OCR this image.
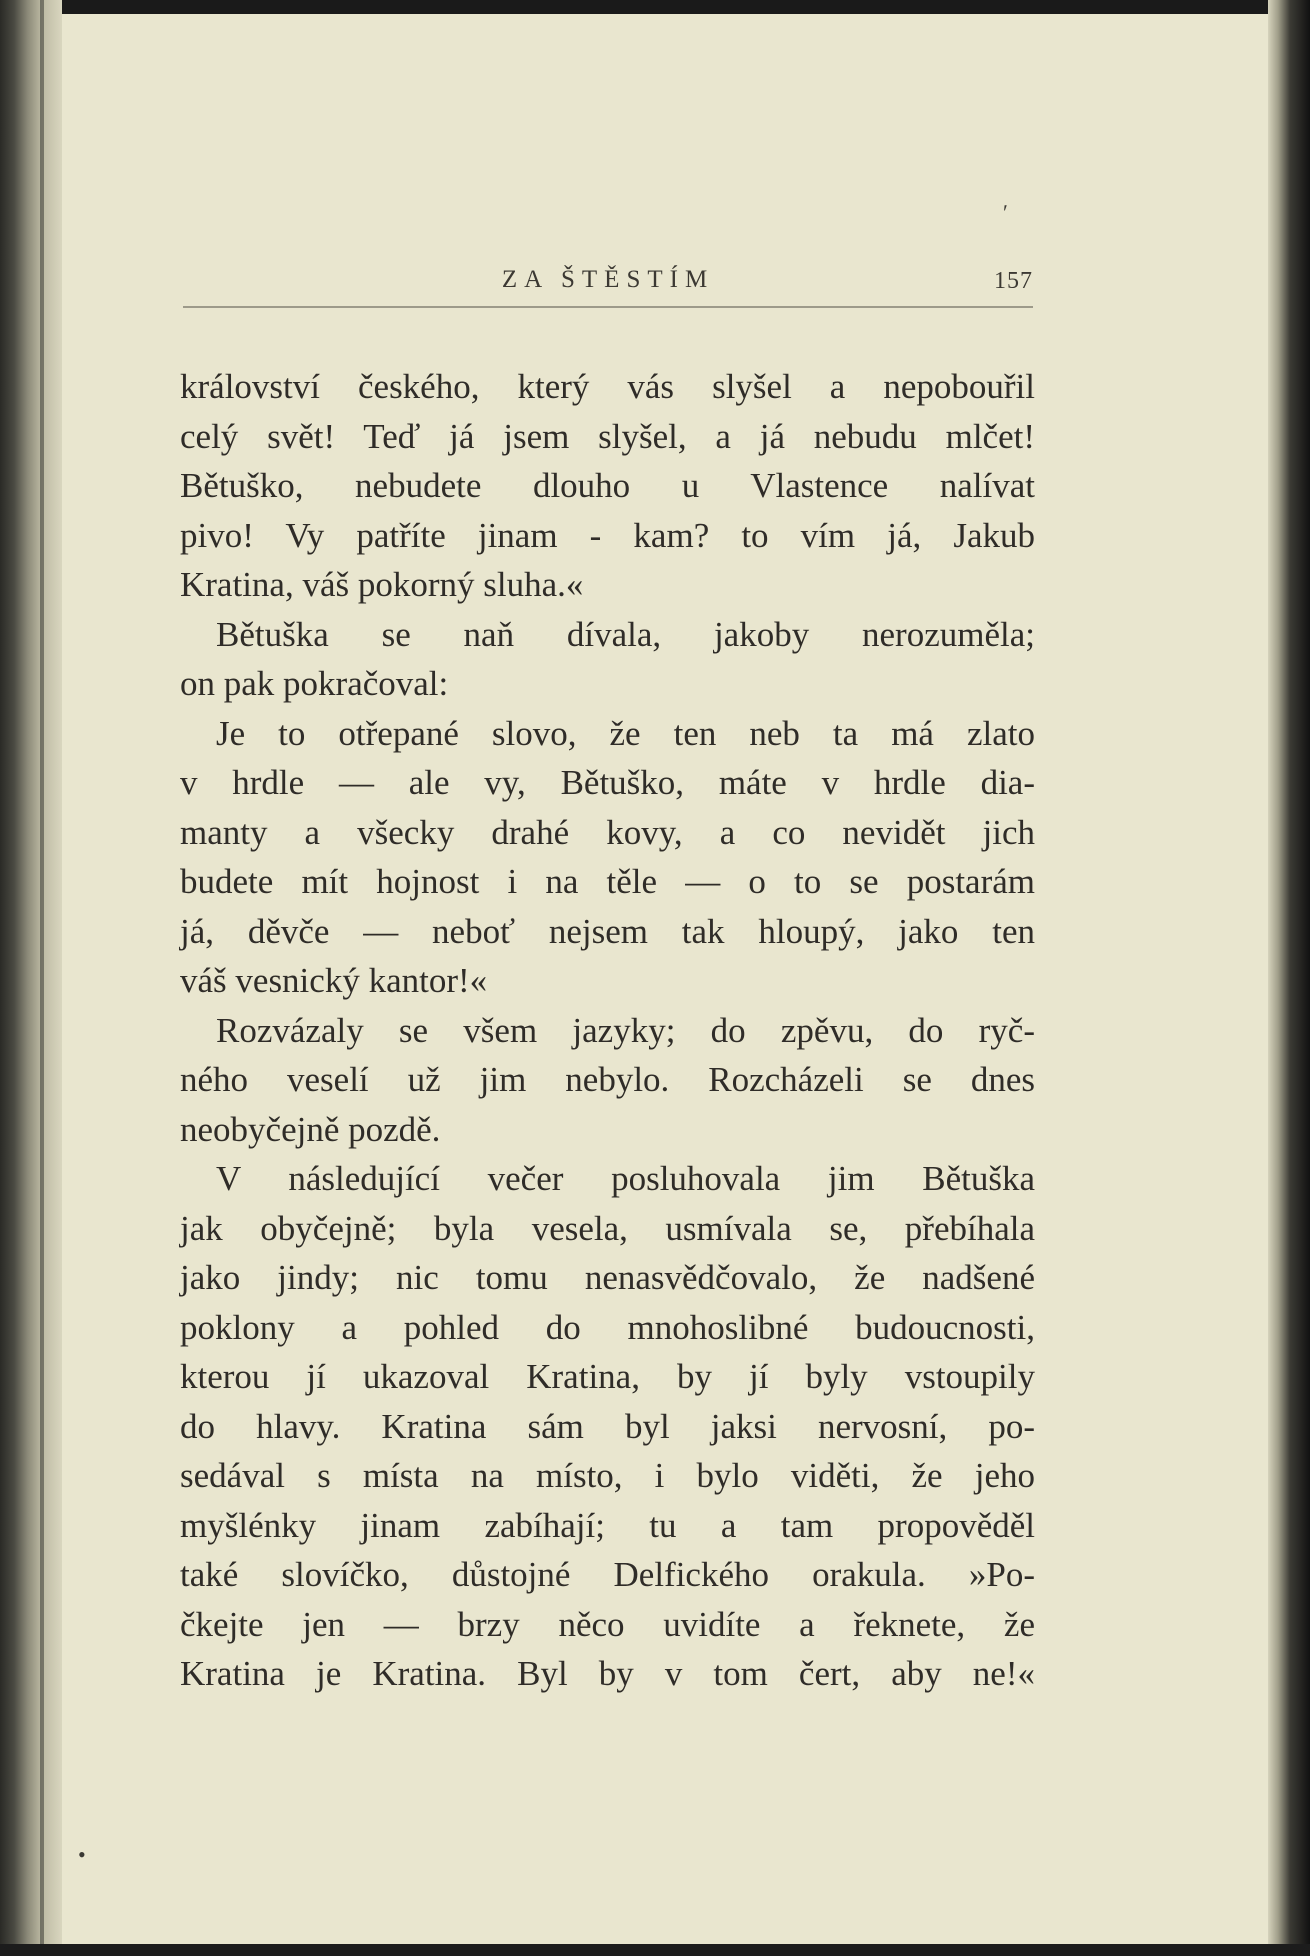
ʹ
ZA ŠTĚSTÍM	157
království českého, který vás slyšel a nepobouřil
celý svět! Teď já jsem slyšel, a já nebudu mlčet!
Bětuško, nebudete dlouho u Vlastence nalívat
pivo! Vy patříte jinam - kam? to vím já, Jakub
Kratina, váš pokorný sluha.«
Bětuška se naň dívala, jakoby nerozuměla;
on pak pokračoval:
Je to otřepané slovo, že ten neb ta má zlato
v hrdle — ale vy, Bětuško, máte v hrdle dia-
manty a všecky drahé kovy, a co nevidět jich
budete mít hojnost i na těle — o to se postarám
já, děvče — neboť nejsem tak hloupý, jako ten
váš vesnický kantor!«
Rozvázaly se všem jazyky; do zpěvu, do ryč-
ného veselí už jim nebylo. Rozcházeli se dnes
neobyčejně pozdě.
V následující večer posluhovala jim Bětuška
jak obyčejně; byla vesela, usmívala se, přebíhala
jako jindy; nic tomu nenasvědčovalo, že nadšené
poklony a pohled do mnohoslibné budoucnosti,
kterou jí ukazoval Kratina, by jí byly vstoupily
do hlavy. Kratina sám byl jaksi nervosní, po-
sedával s místa na místo, i bylo viděti, že jeho
myšlénky jinam zabíhají; tu a tam propověděl
také slovíčko, důstojné Delfického orakula. »Po-
čkejte jen — brzy něco uvidíte a řeknete, že
Kratina je Kratina. Byl by v tom čert, aby ne!«
•
